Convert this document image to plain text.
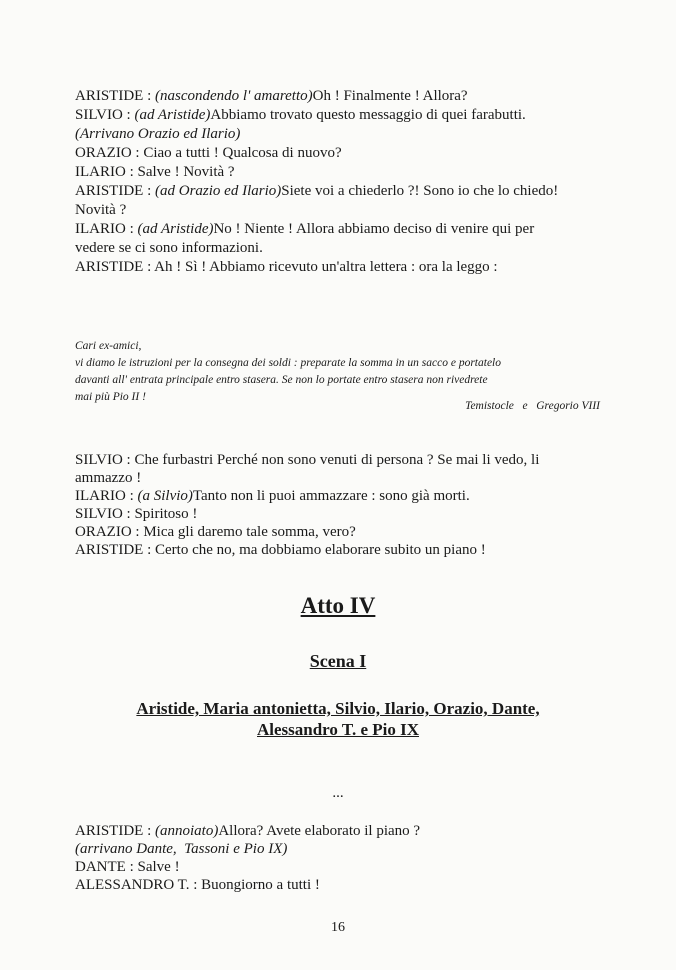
ARISTIDE : (nascondendo l' amaretto)Oh ! Finalmente ! Allora?
SILVIO : (ad Aristide)Abbiamo trovato questo messaggio di quei farabutti.
(Arrivano Orazio ed Ilario)
ORAZIO : Ciao a tutti ! Qualcosa di nuovo?
ILARIO : Salve ! Novità ?
ARISTIDE : (ad Orazio ed Ilario)Siete voi a chiederlo ?! Sono io che lo chiedo!
Novità ?
ILARIO : (ad Aristide)No ! Niente ! Allora abbiamo deciso di venire qui per
vedere se ci sono informazioni.
ARISTIDE : Ah ! Sì ! Abbiamo ricevuto un'altra lettera : ora la leggo :
Cari ex-amici,
vi diamo le istruzioni per la consegna dei soldi : preparate la somma in un sacco e portatelo
davanti all' entrata principale entro stasera. Se non lo portate entro stasera non rivedrete
mai più Pio II !
Temistocle   e   Gregorio VIII
SILVIO : Che furbastri Perché non sono venuti di persona ? Se mai li vedo, li
ammazzo !
ILARIO : (a Silvio)Tanto non li puoi ammazzare : sono già morti.
SILVIO : Spiritoso !
ORAZIO : Mica gli daremo tale somma, vero?
ARISTIDE : Certo che no, ma dobbiamo elaborare subito un piano !
Atto IV
Scena I
Aristide, Maria antonietta, Silvio, Ilario, Orazio, Dante,
Alessandro T. e Pio IX
...
ARISTIDE : (annoiato)Allora? Avete elaborato il piano ?
(arrivano Dante,  Tassoni e Pio IX)
DANTE : Salve !
ALESSANDRO T. : Buongiorno a tutti !
16
